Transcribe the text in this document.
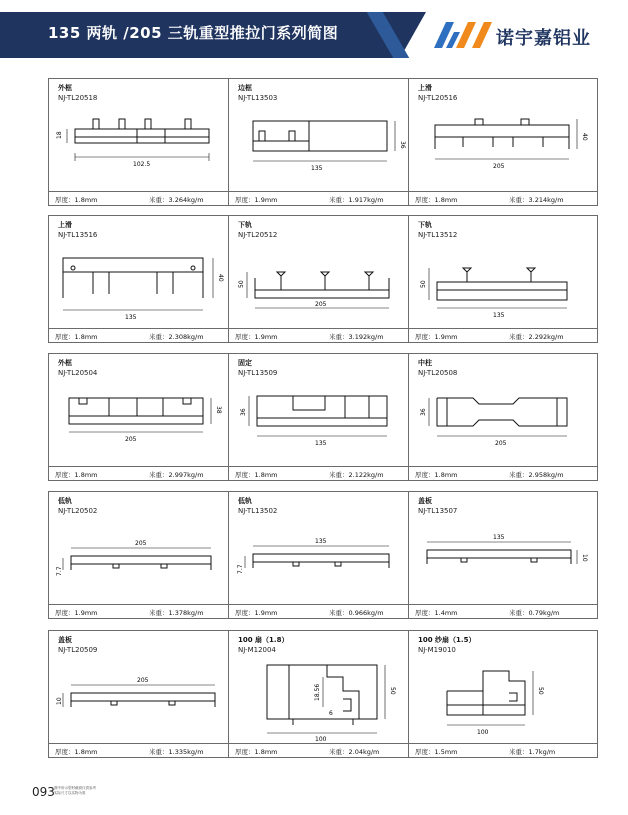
135 两轨 /205 三轨重型推拉门系列简图	诺宇嘉铝业
外框
NJ-TL20518
18
102.5
厚度：1.8mm	米重：3.264kg/m
边框
NJ-TL13503
36
135
厚度：1.9mm	米重：1.917kg/m
上滑
NJ-TL20516
40
205
厚度：1.8mm	米重：3.214kg/m
上滑
NJ-TL13516
40
135
厚度：1.8mm	米重：2.308kg/m
下轨
NJ-TL20512
50
205
厚度：1.9mm	米重：3.192kg/m
下轨
NJ-TL13512
50
135
厚度：1.9mm	米重：2.292kg/m
外框
NJ-TL20504
38
205
厚度：1.8mm	米重：2.997kg/m
固定
NJ-TL13509
36
135
厚度：1.8mm	米重：2.122kg/m
中柱
NJ-TL20508
36
205
厚度：1.8mm	米重：2.958kg/m
低轨
NJ-TL20502
205
7.7
厚度：1.9mm	米重：1.378kg/m
低轨
NJ-TL13502
135
7.7
厚度：1.9mm	米重：0.966kg/m
盖板
NJ-TL13507
135
10
厚度：1.4mm	米重：0.79kg/m
盖板
NJ-TL20509
10
205
厚度：1.8mm	米重：1.335kg/m
100 扇（1.8）
NJ-M12004
18.56
6
50
100
厚度：1.8mm	米重：2.04kg/m
100 纱扇（1.5）
NJ-M19010
50
100
厚度：1.5mm	米重：1.7kg/m
093 图中所示型材截面仅供参考
实际尺寸以实物为准
